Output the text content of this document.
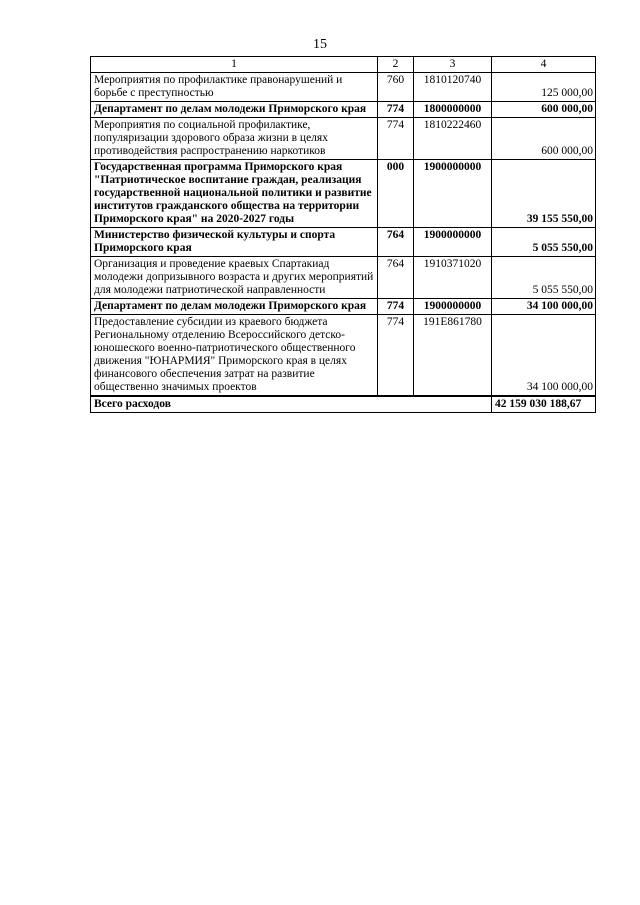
15
1	2	3	4
Мероприятия по профилактике правонарушений и борьбе с преступностью	760	1810120740	125 000,00
Департамент по делам молодежи Приморского края	774	1800000000	600 000,00
Мероприятия по социальной профилактике, популяризации здорового образа жизни в целях противодействия распространению наркотиков	774	1810222460	600 000,00
Государственная программа Приморского края "Патриотическое воспитание граждан, реализация государственной национальной политики и развитие институтов гражданского общества на территории Приморского края" на 2020-2027 годы	000	1900000000	39 155 550,00
Министерство физической культуры и спорта Приморского края	764	1900000000	5 055 550,00
Организация и проведение краевых Спартакиад молодежи допризывного возраста и других мероприятий для молодежи патриотической направленности	764	1910371020	5 055 550,00
Департамент по делам молодежи Приморского края	774	1900000000	34 100 000,00
Предоставление субсидии из краевого бюджета Региональному отделению Всероссийского детско-юношеского военно-патриотического общественного движения "ЮНАРМИЯ" Приморского края в целях финансового обеспечения затрат на развитие общественно значимых проектов	774	191E861780	34 100 000,00
Всего расходов			42 159 030 188,67
